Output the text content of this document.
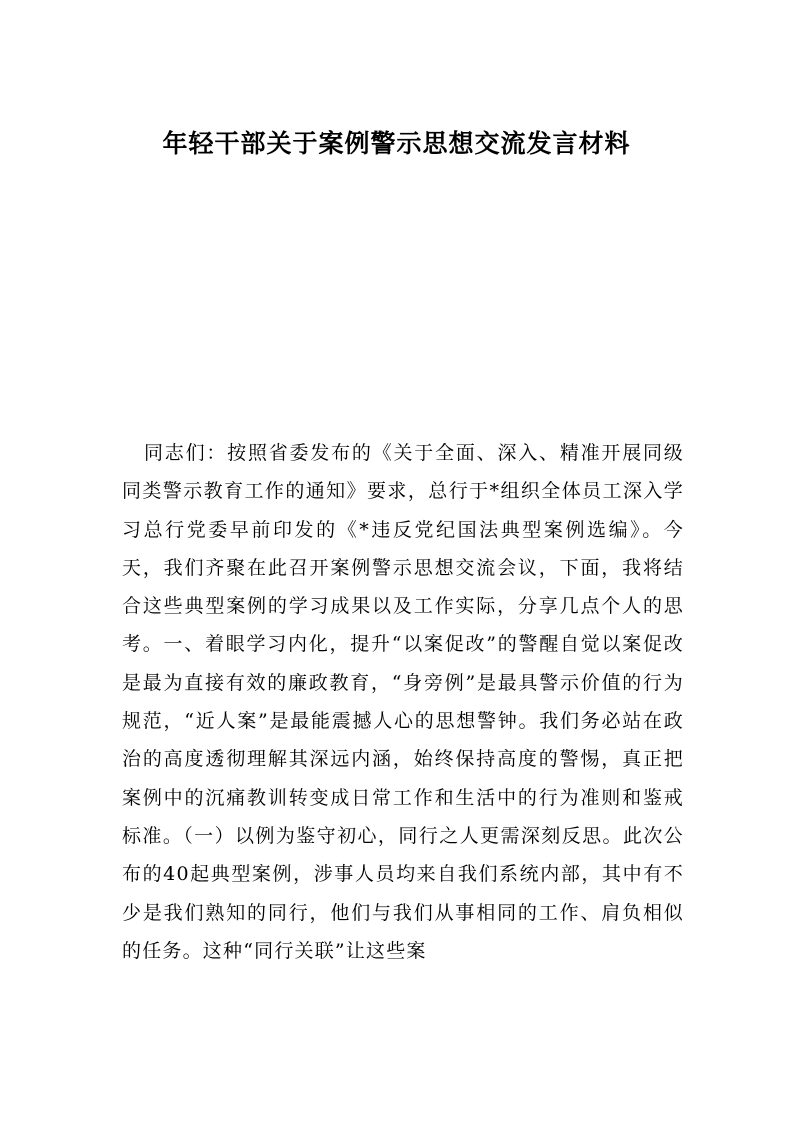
年轻干部关于案例警示思想交流发言材料

同志们：按照省委发布的《关于全面、深入、精准开展同级同类警示教育工作的通知》要求，总行于*组织全体员工深入学习总行党委早前印发的《*违反党纪国法典型案例选编》。今天，我们齐聚在此召开案例警示思想交流会议，下面，我将结合这些典型案例的学习成果以及工作实际，分享几点个人的思考。一、着眼学习内化，提升“以案促改”的警醒自觉以案促改是最为直接有效的廉政教育，“身旁例”是最具警示价值的行为规范，“近人案”是最能震撼人心的思想警钟。我们务必站在政治的高度透彻理解其深远内涵，始终保持高度的警惕，真正把案例中的沉痛教训转变成日常工作和生活中的行为准则和鉴戒标准。（一）以例为鉴守初心，同行之人更需深刻反思。此次公布的40起典型案例，涉事人员均来自我们系统内部，其中有不少是我们熟知的同行，他们与我们从事相同的工作、肩负相似的任务。这种“同行关联”让这些案
